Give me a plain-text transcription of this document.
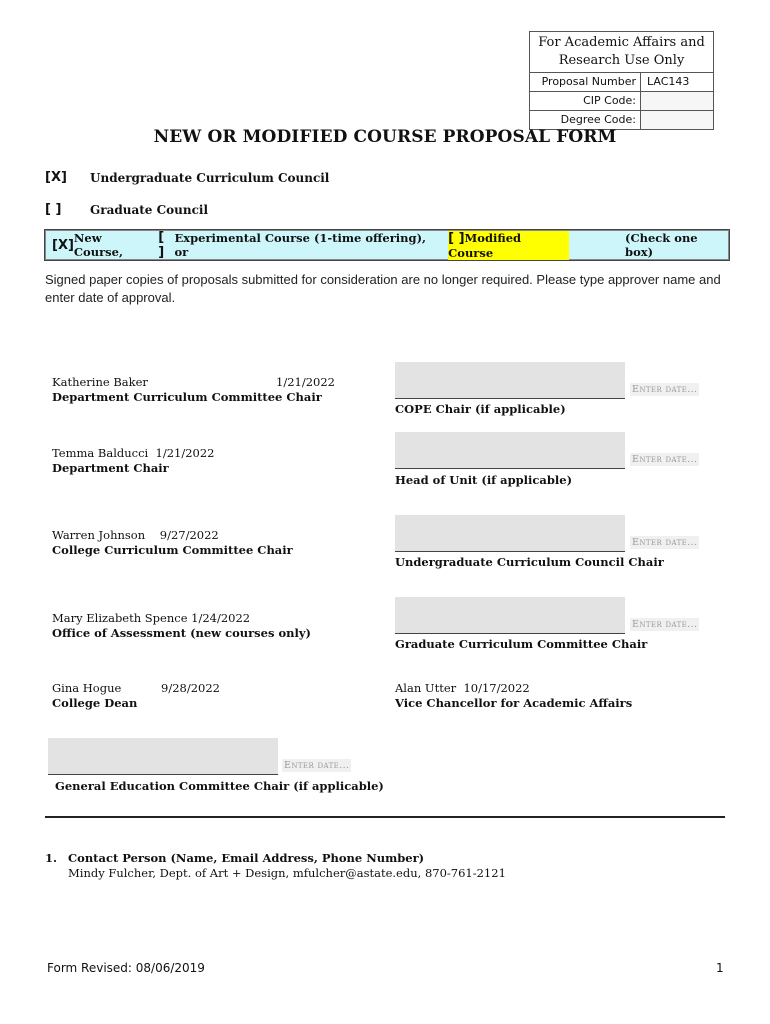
For Academic Affairs and
Research Use Only
Proposal Number	LAC143
CIP Code:
Degree Code:
NEW OR MODIFIED COURSE PROPOSAL FORM
[X] Undergraduate Curriculum Council
[ ] Graduate Council
[X] New Course,
[ ]
Experimental Course (1-time offering), or
[ ]Modified Course
(Check one box)
Signed paper copies of proposals submitted for consideration are no longer required. Please type approver name and enter date of approval.
Katherine Baker	1/21/2022
Department Curriculum Committee Chair
Temma Balducci 1/21/2022
Department Chair
Warren Johnson 9/27/2022
College Curriculum Committee Chair
Mary Elizabeth Spence 1/24/2022
Office of Assessment (new courses only)
Gina Hogue	9/28/2022
College Dean
Enter date...
COPE Chair (if applicable)
Enter date...
Head of Unit (if applicable)
Enter date...
Undergraduate Curriculum Council Chair
Enter date...
Graduate Curriculum Committee Chair
Alan Utter 10/17/2022
Vice Chancellor for Academic Affairs
Enter date...
General Education Committee Chair (if applicable)
1. Contact Person (Name, Email Address, Phone Number)
Mindy Fulcher, Dept. of Art + Design, mfulcher@astate.edu, 870-761-2121
Form Revised: 08/06/2019	1
